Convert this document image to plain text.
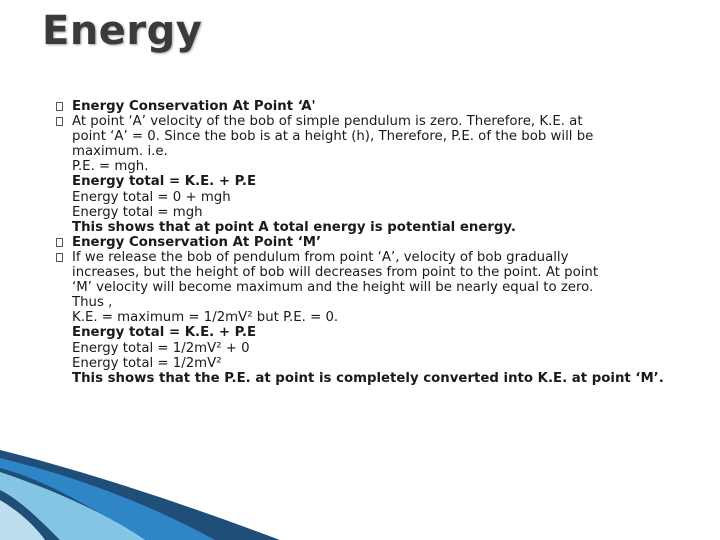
Energy
Energy Conservation At Point ‘A'
At point ‘A’ velocity of the bob of simple pendulum is zero. Therefore, K.E. at
point ‘A’ = 0. Since the bob is at a height (h), Therefore, P.E. of the bob will be
maximum. i.e.
P.E. = mgh.
Energy total = K.E. + P.E
Energy total = 0 + mgh
Energy total = mgh
This shows that at point A total energy is potential energy.
Energy Conservation At Point ‘M’
If we release the bob of pendulum from point ‘A’, velocity of bob gradually
increases, but the height of bob will decreases from point to the point. At point
‘M’ velocity will become maximum and the height will be nearly equal to zero.
Thus ,
K.E. = maximum = 1/2mV² but P.E. = 0.
Energy total = K.E. + P.E
Energy total = 1/2mV² + 0
Energy total = 1/2mV²
This shows that the P.E. at point is completely converted into K.E. at point ‘M’.
